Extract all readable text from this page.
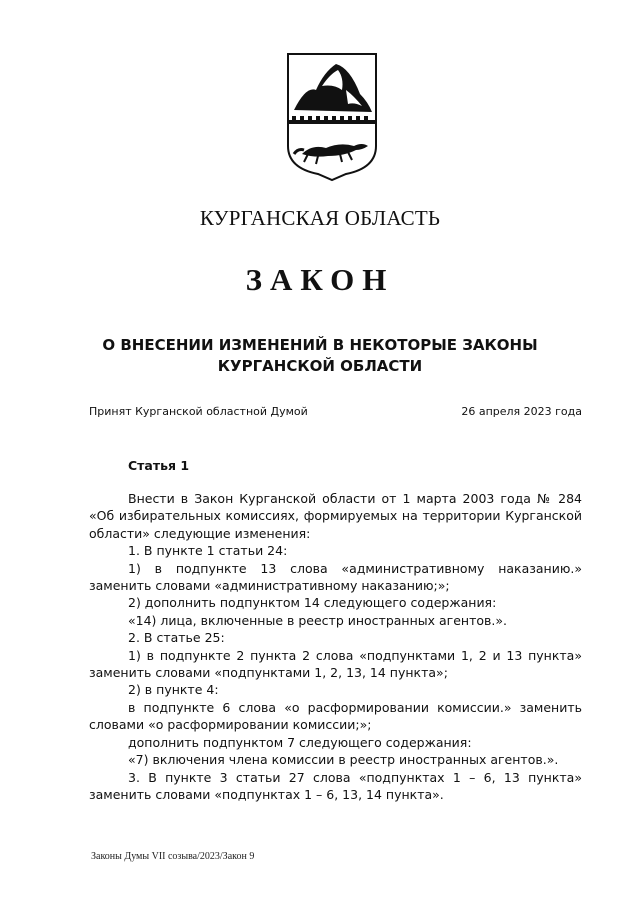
КУРГАНСКАЯ ОБЛАСТЬ
ЗАКОН
О ВНЕСЕНИИ ИЗМЕНЕНИЙ В НЕКОТОРЫЕ ЗАКОНЫ
КУРГАНСКОЙ ОБЛАСТИ
Принят Курганской областной Думой	26 апреля 2023 года
Статья 1

Внести в Закон Курганской области от 1 марта 2003 года № 284 «Об избирательных комиссиях, формируемых на территории Курганской области» следующие изменения:

1. В пункте 1 статьи 24:

1) в подпункте 13 слова «административному наказанию.» заменить словами «административному наказанию;»;

2) дополнить подпунктом 14 следующего содержания:

«14) лица, включенные в реестр иностранных агентов.».

2. В статье 25:

1) в подпункте 2 пункта 2 слова «подпунктами 1, 2 и 13 пункта» заменить словами «подпунктами 1, 2, 13, 14 пункта»;

2) в пункте 4:

в подпункте 6 слова «о расформировании комиссии.» заменить словами «о расформировании комиссии;»;

дополнить подпунктом 7 следующего содержания:

«7) включения члена комиссии в реестр иностранных агентов.».

3. В пункте 3 статьи 27 слова «подпунктах 1 – 6, 13 пункта» заменить словами «подпунктах 1 – 6, 13, 14 пункта».

Законы Думы VII созыва/2023/Закон 9
